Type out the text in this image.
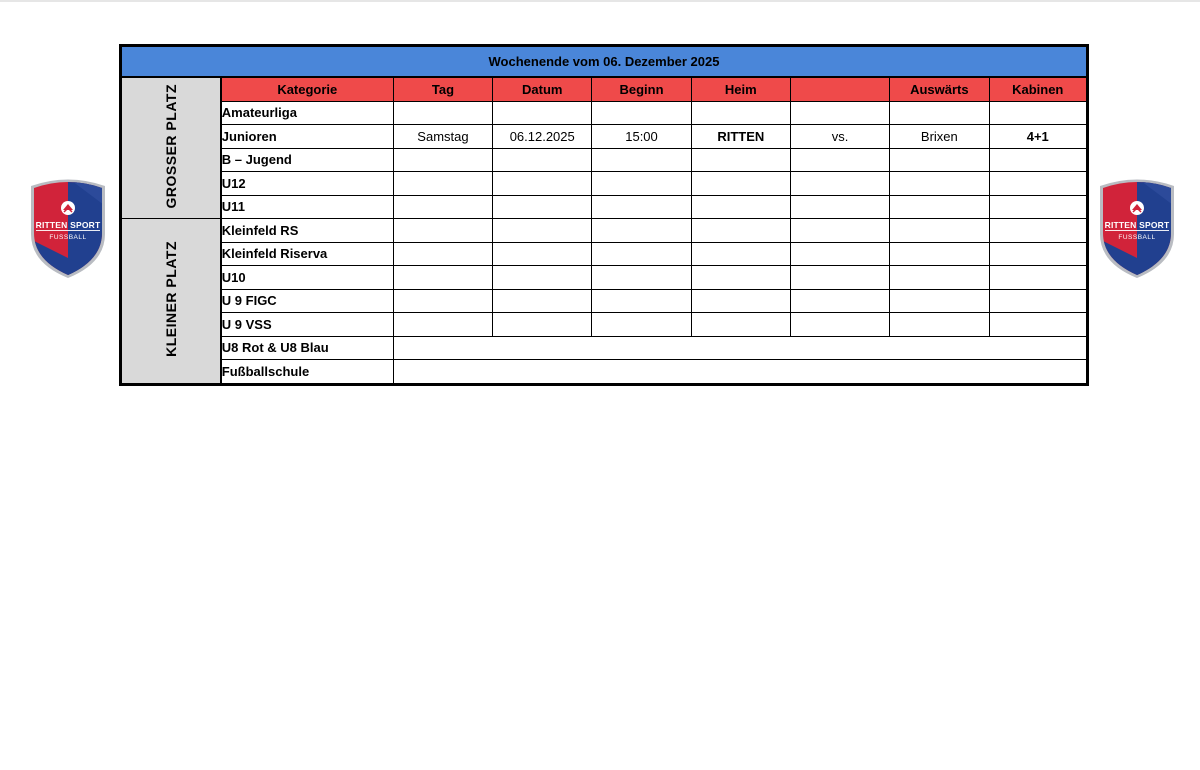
RITTEN SPORT
FUSSBALL
RITTEN SPORT
FUSSBALL
Wochenende vom 06. Dezember 2025								
GROSSER PLATZ	Kategorie	Tag	Datum	Beginn	Heim		Auswärts	Kabinen
	Amateurliga							
	Junioren	Samstag	06.12.2025	15:00	RITTEN	vs.	Brixen	4+1
	B – Jugend							
	U12							
	U11							
KLEINER PLATZ	Kleinfeld RS							
	Kleinfeld Riserva							
	U10							
	U 9 FIGC							
	U 9 VSS							
	U8 Rot & U8 Blau							
	Fußballschule							
